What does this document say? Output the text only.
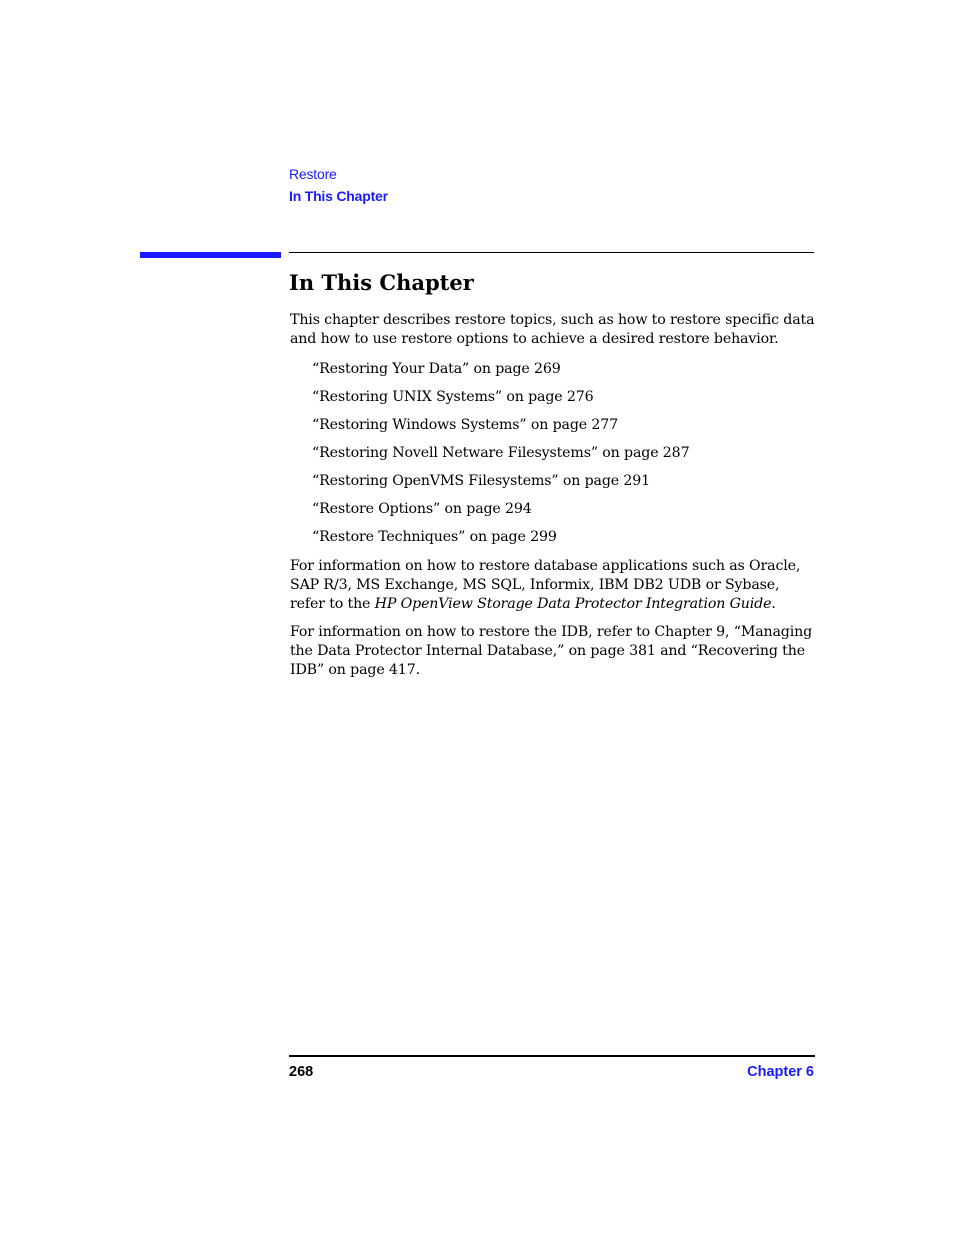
Restore
In This Chapter
In This Chapter

This chapter describes restore topics, such as how to restore specific data and how to use restore options to achieve a desired restore behavior.

“Restoring Your Data” on page 269
“Restoring UNIX Systems” on page 276
“Restoring Windows Systems” on page 277
“Restoring Novell Netware Filesystems” on page 287
“Restoring OpenVMS Filesystems” on page 291
“Restore Options” on page 294
“Restore Techniques” on page 299

For information on how to restore database applications such as Oracle, SAP R/3, MS Exchange, MS SQL, Informix, IBM DB2 UDB or Sybase, refer to the HP OpenView Storage Data Protector Integration Guide.

For information on how to restore the IDB, refer to Chapter 9, “Managing the Data Protector Internal Database,” on page 381 and “Recovering the IDB” on page 417.

268	Chapter 6
